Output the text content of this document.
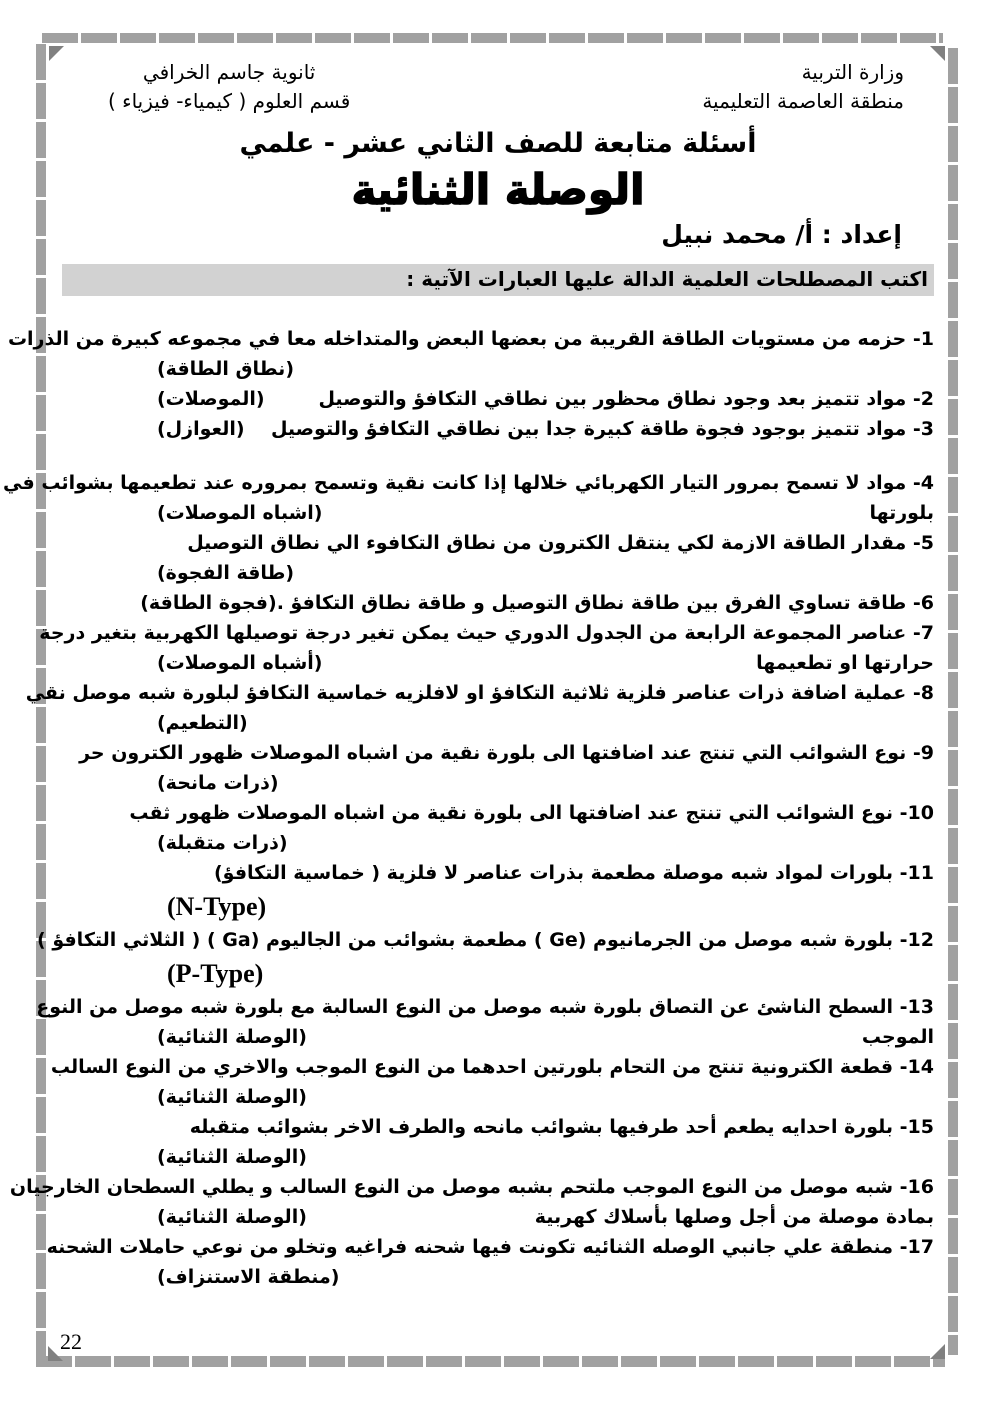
وزارة التربية
منطقة العاصمة التعليمية
ثانوية جاسم الخرافي
قسم العلوم ( كيمياء- فيزياء )
أسئلة متابعة للصف الثاني عشر - علمي
الوصلة الثنائية
إعداد : أ/ محمد نبيل
اكتب المصطلحات العلمية الدالة عليها العبارات الآتية :
1- حزمه من مستويات الطاقة القريبة من بعضها البعض والمتداخله معا في مجموعه كبيرة من الذرات
(نطاق الطاقة)
2- مواد تتميز بعد وجود نطاق محظور بين نطاقي التكافؤ والتوصيل
(الموصلات)
3- مواد تتميز بوجود فجوة طاقة كبيرة جدا بين نطاقي التكافؤ والتوصيل
(العوازل)
4- مواد لا تسمح بمرور التيار الكهربائي خلالها إذا كانت نقية وتسمح بمروره عند تطعيمها بشوائب في
بلورتها
(اشباه الموصلات)
5- مقدار الطاقة الازمة لكي ينتقل الكترون من نطاق التكافوء الي نطاق التوصيل
(طاقة الفجوة)
6- طاقة تساوي الفرق بين طاقة نطاق التوصيل و طاقة نطاق التكافؤ .
(فجوة الطاقة)
7- عناصر المجموعة الرابعة من الجدول الدوري حيث يمكن تغير درجة توصيلها الكهربية بتغير درجة
حرارتها او تطعيمها
(أشباه الموصلات)
8- عملية اضافة ذرات عناصر فلزية ثلاثية التكافؤ او لافلزيه خماسية التكافؤ لبلورة شبه موصل نقي
(التطعيم)
9- نوع الشوائب التي تنتج عند اضافتها الى بلورة نقية من اشباه الموصلات ظهور الكترون حر
(ذرات مانحة)
10- نوع الشوائب التي تنتج عند اضافتها الى بلورة نقية من اشباه الموصلات ظهور ثقب
(ذرات متقبلة)
11- بلورات لمواد شبه موصلة مطعمة بذرات عناصر لا فلزية ( خماسية التكافؤ)
(N-Type)
12- بلورة شبه موصل من الجرمانيوم (Ge ) مطعمة بشوائب من الجاليوم (Ga ) ( الثلاثي التكافؤ )
(P-Type)
13- السطح الناشئ عن التصاق بلورة شبه موصل من النوع السالبة مع بلورة شبه موصل من النوع
الموجب
(الوصلة الثنائية)
14- قطعة الكترونية تنتج من التحام بلورتين احدهما من النوع الموجب والاخري من النوع السالب
(الوصلة الثنائية)
15- بلورة احدايه يطعم أحد طرفيها بشوائب مانحه والطرف الاخر بشوائب متقبله
(الوصلة الثنائية)
16- شبه موصل من النوع الموجب ملتحم بشبه موصل من النوع السالب و يطلي السطحان الخارجيان
بمادة موصلة من أجل وصلها بأسلاك كهربية
(الوصلة الثنائية)
17- منطقة علي جانبي الوصله الثنائيه تكونت فيها شحنه فراغيه وتخلو من نوعي حاملات الشحنه
(منطقة الاستنزاف)
22
